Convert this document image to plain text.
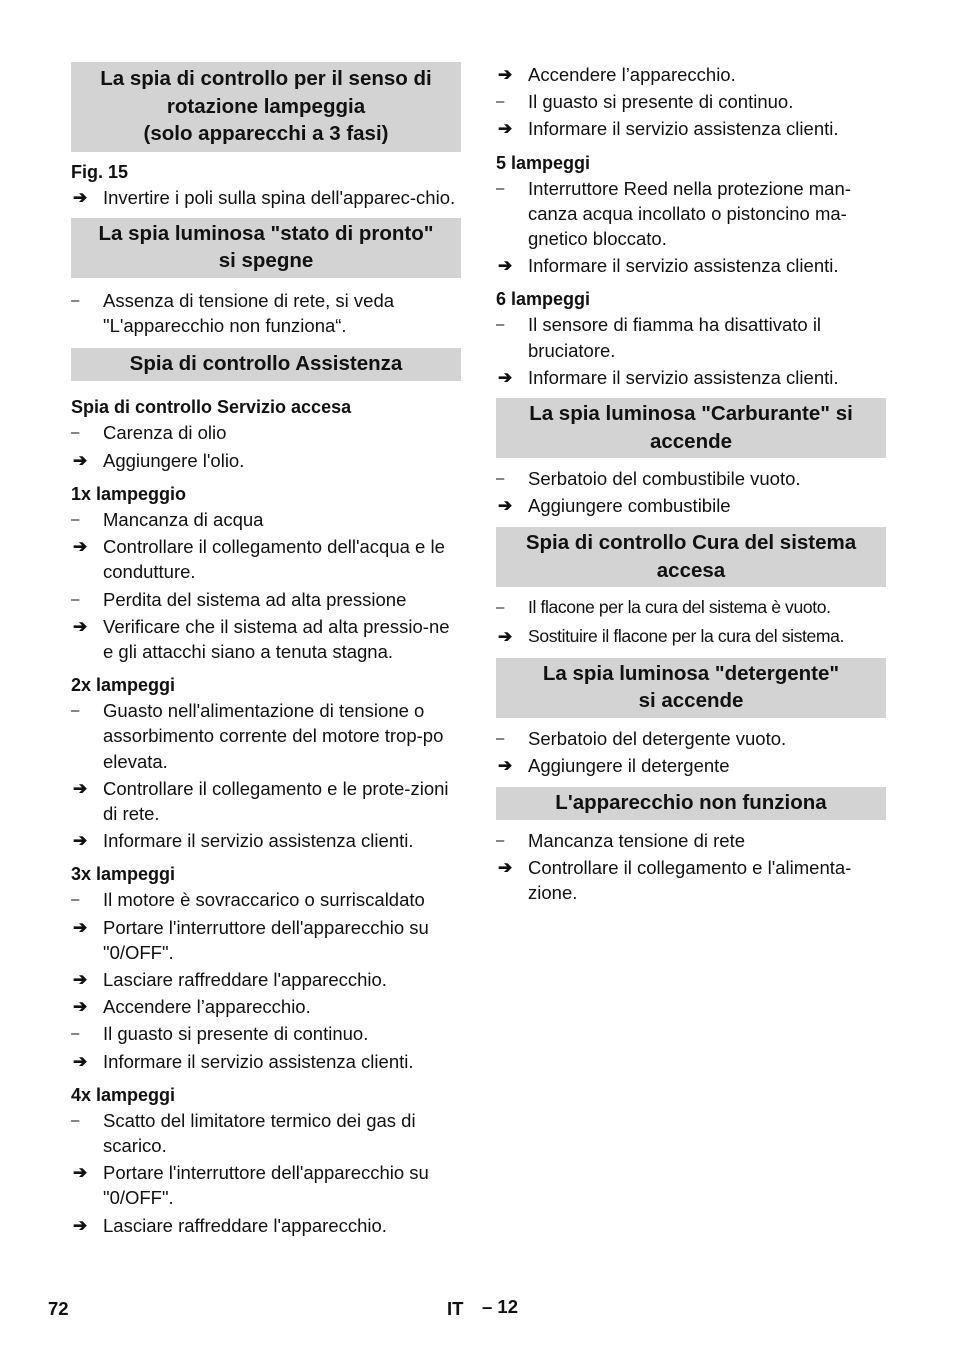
La spia di controllo per il senso di
rotazione lampeggia
(solo apparecchi a 3 fasi)
Fig. 15
➔ Invertire i poli sulla spina dell'apparec-chio.
La spia luminosa "stato di pronto"
si spegne
–	Assenza di tensione di rete, si veda "L'apparecchio non funziona“.
Spia di controllo Assistenza
Spia di controllo Servizio accesa
–	Carenza di olio
➔ Aggiungere l'olio.
1x lampeggio
–	Mancanza di acqua
➔ Controllare il collegamento dell'acqua e le condutture.
–	Perdita del sistema ad alta pressione
➔ Verificare che il sistema ad alta pressio-ne e gli attacchi siano a tenuta stagna.
2x lampeggi
–	Guasto nell'alimentazione di tensione o assorbimento corrente del motore trop-po elevata.
➔ Controllare il collegamento e le prote-zioni di rete.
➔ Informare il servizio assistenza clienti.
3x lampeggi
–	Il motore è sovraccarico o surriscaldato
➔ Portare l'interruttore dell'apparecchio su "0/OFF".
➔ Lasciare raffreddare l'apparecchio.
➔ Accendere l’apparecchio.
–	Il guasto si presente di continuo.
➔ Informare il servizio assistenza clienti.
4x lampeggi
–	Scatto del limitatore termico dei gas di scarico.
➔ Portare l'interruttore dell'apparecchio su "0/OFF".
➔ Lasciare raffreddare l'apparecchio.
➔ Accendere l’apparecchio.
–	Il guasto si presente di continuo.
➔ Informare il servizio assistenza clienti.
5 lampeggi
–	Interruttore Reed nella protezione man-canza acqua incollato o pistoncino ma-gnetico bloccato.
➔ Informare il servizio assistenza clienti.
6 lampeggi
–	Il sensore di fiamma ha disattivato il bruciatore.
➔ Informare il servizio assistenza clienti.
La spia luminosa "Carburante" si
accende
–	Serbatoio del combustibile vuoto.
➔ Aggiungere combustibile
Spia di controllo Cura del sistema
accesa
–	Il flacone per la cura del sistema è vuoto.
➔ Sostituire il flacone per la cura del sistema.
La spia luminosa "detergente"
si accende
–	Serbatoio del detergente vuoto.
➔ Aggiungere il detergente
L'apparecchio non funziona
–	Mancanza tensione di rete
➔ Controllare il collegamento e l'alimenta-zione.
72	IT – 12
